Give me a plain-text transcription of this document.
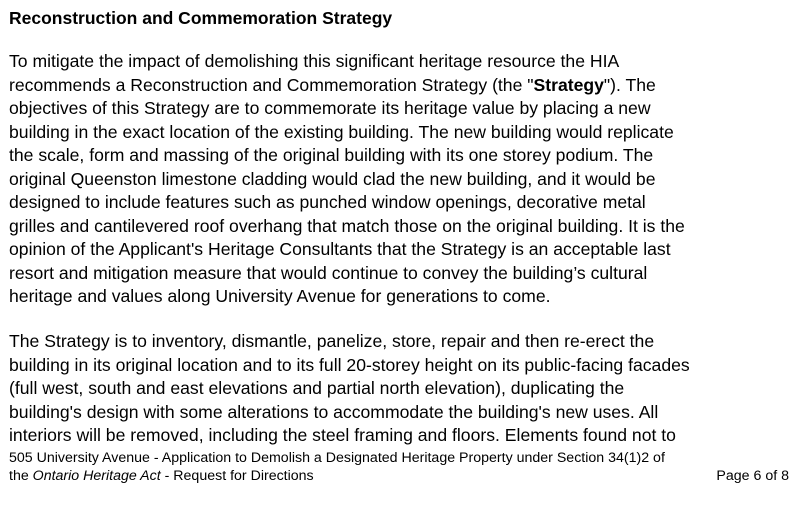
Reconstruction and Commemoration Strategy

To mitigate the impact of demolishing this significant heritage resource the HIA
recommends a Reconstruction and Commemoration Strategy (the "Strategy"). The
objectives of this Strategy are to commemorate its heritage value by placing a new
building in the exact location of the existing building. The new building would replicate
the scale, form and massing of the original building with its one storey podium. The
original Queenston limestone cladding would clad the new building, and it would be
designed to include features such as punched window openings, decorative metal
grilles and cantilevered roof overhang that match those on the original building. It is the
opinion of the Applicant's Heritage Consultants that the Strategy is an acceptable last
resort and mitigation measure that would continue to convey the building’s cultural
heritage and values along University Avenue for generations to come.

The Strategy is to inventory, dismantle, panelize, store, repair and then re-erect the
building in its original location and to its full 20-storey height on its public-facing facades
(full west, south and east elevations and partial north elevation), duplicating the
building's design with some alterations to accommodate the building's new uses. All
interiors will be removed, including the steel framing and floors. Elements found not to

505 University Avenue - Application to Demolish a Designated Heritage Property under Section 34(1)2 of
the Ontario Heritage Act - Request for Directions	Page 6 of 8
